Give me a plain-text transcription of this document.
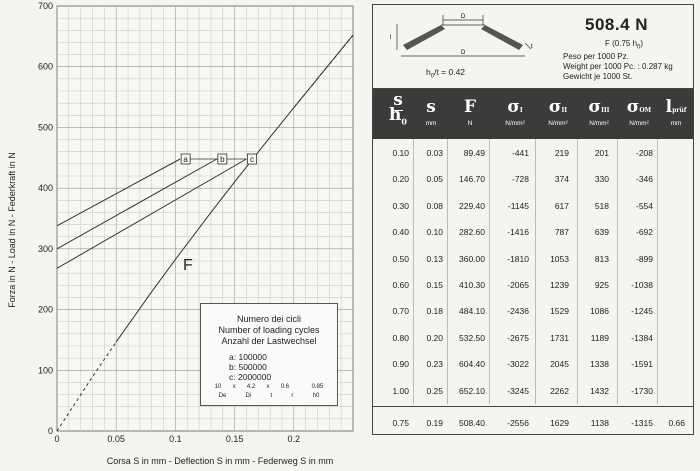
0
100
200
300
400
500
600
700
0	0.05	0.1	0.15	0.2
a	b	c
F
Forza in N - Load in N - Federkraft in N
Corsa S in mm - Deflection S in mm - Federweg S in mm
Numero dei cicli
Number of loading cycles
Anzahl der Lastwechsel
a: 100000
b: 500000
c: 2000000
10 x 4.2 x 0.6	0.85
De	Di	t	r	h0
D
l
D
t
$h_0/t = 0.42$
508.4 N
F (0.75 $h_0$)
Peso per 1000 Pz.
Weight per 1000 Pc. : 0.287 kg
Gewicht je 1000 St.
s
$h_0$
s
mm
F
N
σI
N/mm²
σII
N/mm²
σIII
N/mm²
σOM
N/mm²
lprüf
mm
0.10	0.03	89.49	-441	219	201	-208
0.20	0.05	146.70	-728	374	330	-346
0.30	0.08	229.40	-1145	617	518	-554
0.40	0.10	282.60	-1416	787	639	-692
0.50	0.13	360.00	-1810	1053	813	-899
0.60	0.15	410.30	-2065	1239	925	-1038
0.70	0.18	484.10	-2436	1529	1086	-1245
0.80	0.20	532.50	-2675	1731	1189	-1384
0.90	0.23	604.40	-3022	2045	1338	-1591
1.00	0.25	652.10	-3245	2262	1432	-1730
0.75	0.19	508.40	-2556	1629	1138	-1315	0.66
